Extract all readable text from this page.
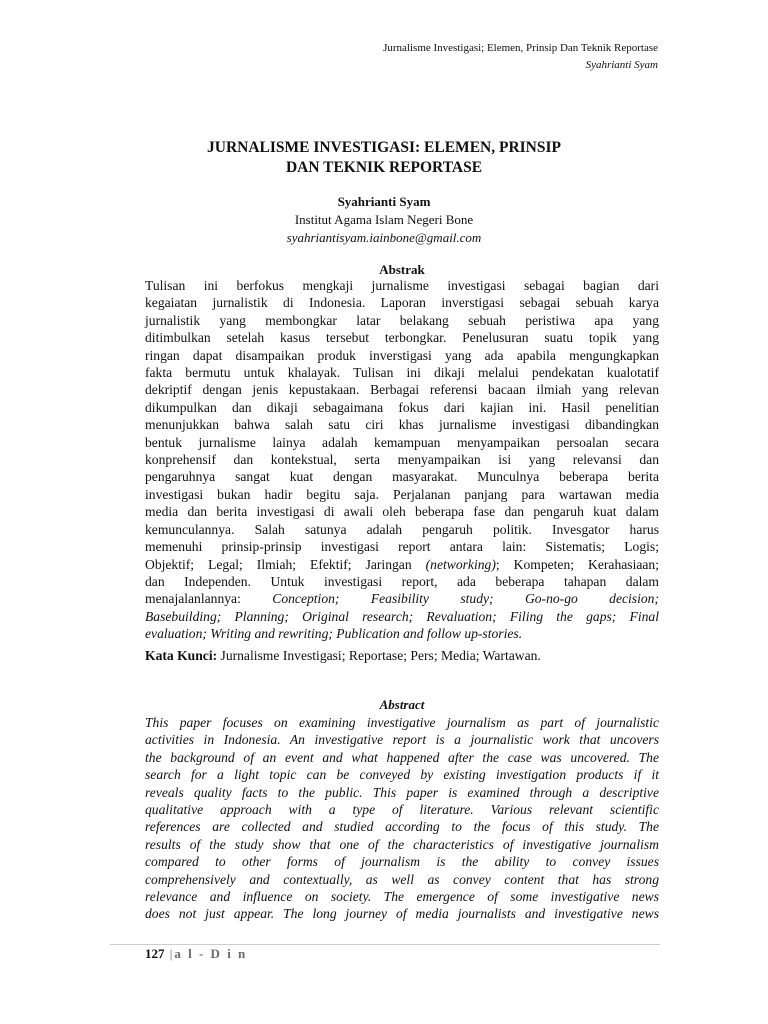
Jurnalisme Investigasi; Elemen, Prinsip Dan Teknik Reportase
Syahrianti Syam
JURNALISME INVESTIGASI: ELEMEN, PRINSIP
DAN TEKNIK REPORTASE
Syahrianti Syam
Institut Agama Islam Negeri Bone
syahriantisyam.iainbone@gmail.com
Abstrak
Tulisan ini berfokus mengkaji jurnalisme investigasi sebagai bagian dari
kegaiatan jurnalistik di Indonesia. Laporan inverstigasi sebagai sebuah karya
jurnalistik yang membongkar latar belakang sebuah peristiwa apa yang
ditimbulkan setelah kasus tersebut terbongkar. Penelusuran suatu topik yang
ringan dapat disampaikan produk inverstigasi yang ada apabila mengungkapkan
fakta bermutu untuk khalayak. Tulisan ini dikaji melalui pendekatan kualotatif
dekriptif dengan jenis kepustakaan. Berbagai referensi bacaan ilmiah yang relevan
dikumpulkan dan dikaji sebagaimana fokus dari kajian ini. Hasil penelitian
menunjukkan bahwa salah satu ciri khas jurnalisme investigasi dibandingkan
bentuk jurnalisme lainya adalah kemampuan menyampaikan persoalan secara
konprehensif dan kontekstual, serta menyampaikan isi yang relevansi dan
pengaruhnya sangat kuat dengan masyarakat. Munculnya beberapa berita
investigasi bukan hadir begitu saja. Perjalanan panjang para wartawan media
media dan berita investigasi di awali oleh beberapa fase dan pengaruh kuat dalam
kemunculannya. Salah satunya adalah pengaruh politik. Invesgator harus
memenuhi prinsip-prinsip investigasi report antara lain: Sistematis; Logis;
Objektif; Legal; Ilmiah; Efektif; Jaringan (networking); Kompeten; Kerahasiaan;
dan Independen. Untuk investigasi report, ada beberapa tahapan dalam
menajalanlannya: Conception; Feasibility study; Go-no-go decision;
Basebuilding; Planning; Original research; Revaluation; Filing the gaps; Final
evaluation; Writing and rewriting; Publication and follow up-stories.
Kata Kunci: Jurnalisme Investigasi; Reportase; Pers; Media; Wartawan.
Abstract
This paper focuses on examining investigative journalism as part of journalistic
activities in Indonesia. An investigative report is a journalistic work that uncovers
the background of an event and what happened after the case was uncovered. The
search for a light topic can be conveyed by existing investigation products if it
reveals quality facts to the public. This paper is examined through a descriptive
qualitative approach with a type of literature. Various relevant scientific
references are collected and studied according to the focus of this study. The
results of the study show that one of the characteristics of investigative journalism
compared to other forms of journalism is the ability to convey issues
comprehensively and contextually, as well as convey content that has strong
relevance and influence on society. The emergence of some investigative news
does not just appear. The long journey of media journalists and investigative news
127 | a l - D i n
